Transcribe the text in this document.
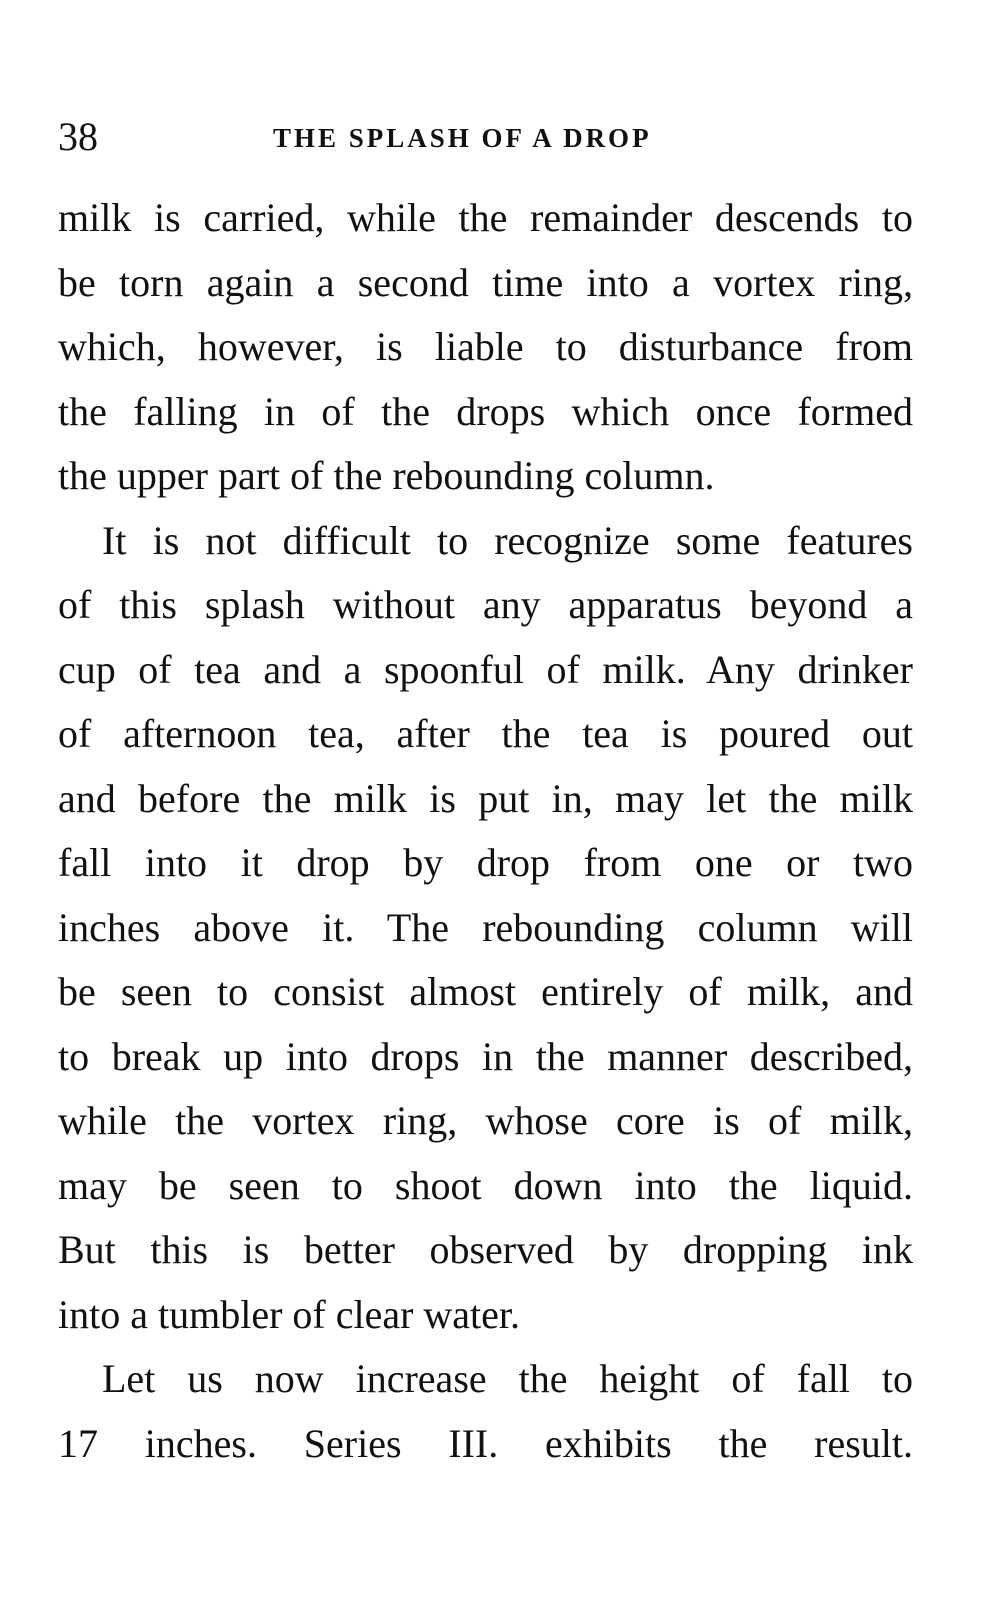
38	THE SPLASH OF A DROP
milk is carried, while the remainder descends to
be torn again a second time into a vortex ring,
which, however, is liable to disturbance from
the falling in of the drops which once formed
the upper part of the rebounding column.
It is not difficult to recognize some features
of this splash without any apparatus beyond a
cup of tea and a spoonful of milk. Any drinker
of afternoon tea, after the tea is poured out
and before the milk is put in, may let the milk
fall into it drop by drop from one or two
inches above it. The rebounding column will
be seen to consist almost entirely of milk, and
to break up into drops in the manner described,
while the vortex ring, whose core is of milk,
may be seen to shoot down into the liquid.
But this is better observed by dropping ink
into a tumbler of clear water.
Let us now increase the height of fall to
17 inches. Series III. exhibits the result.
